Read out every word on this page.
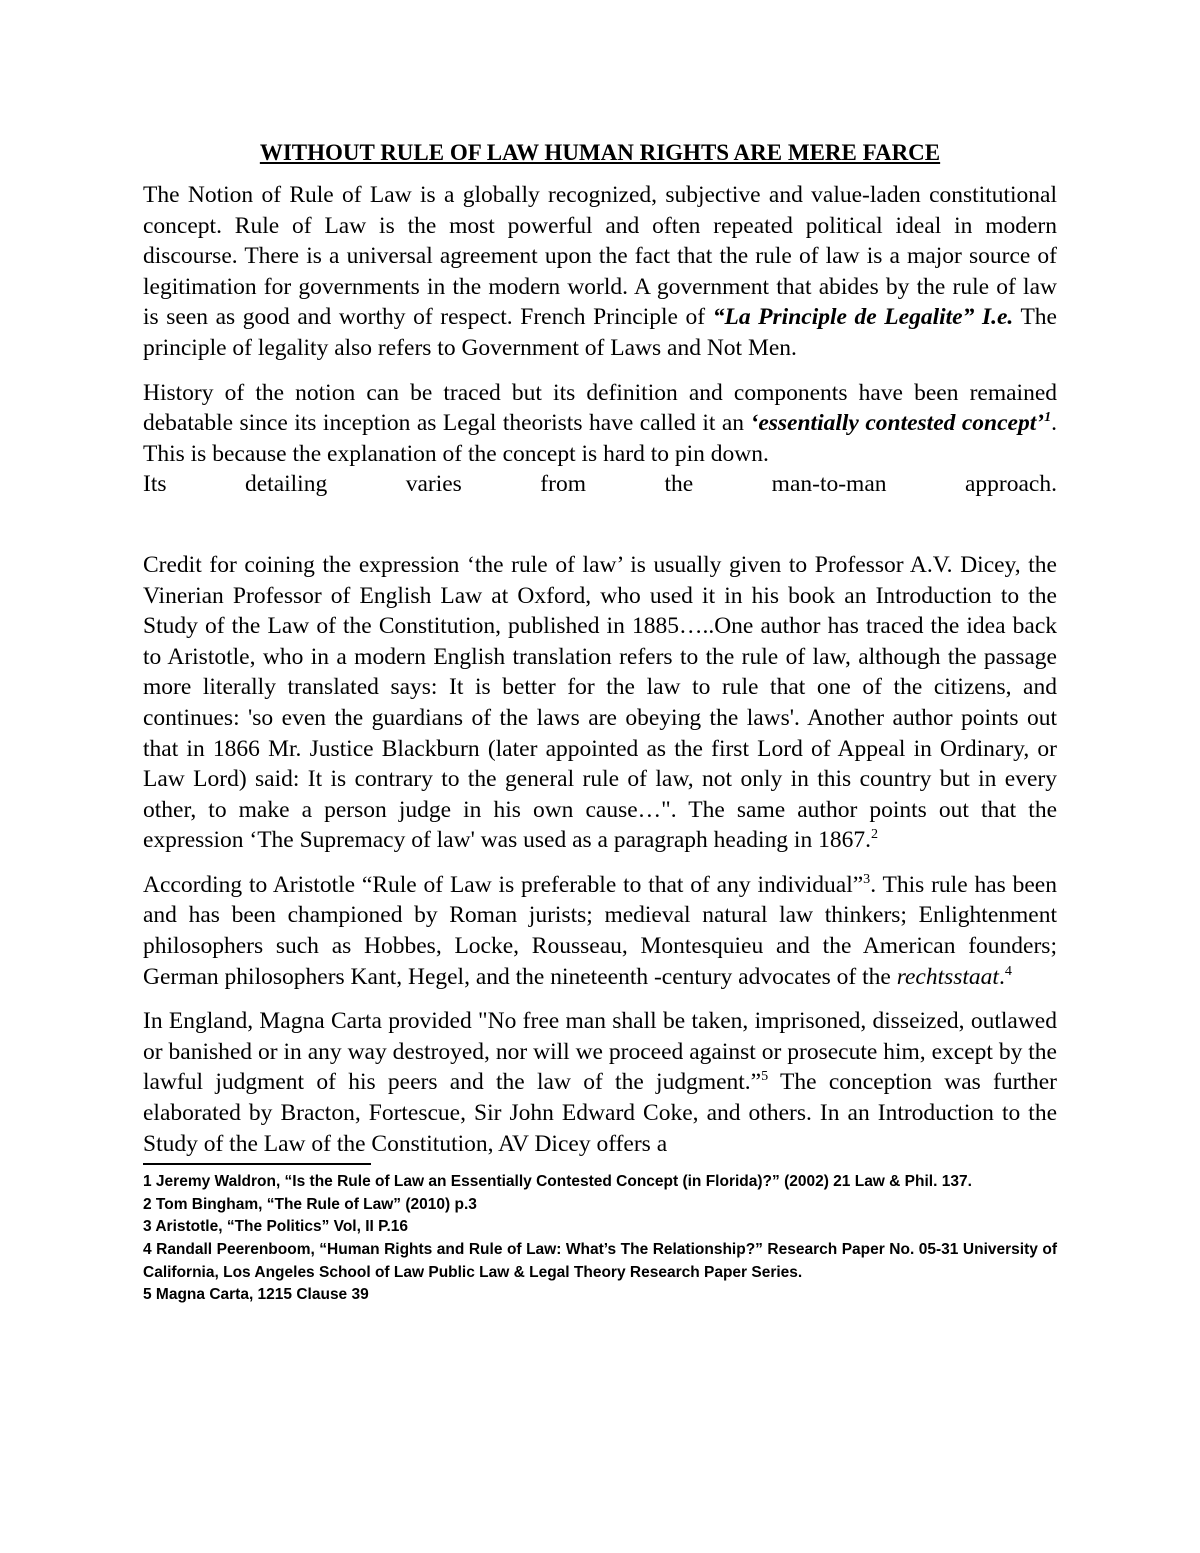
WITHOUT RULE OF LAW HUMAN RIGHTS ARE MERE FARCE

The Notion of Rule of Law is a globally recognized, subjective and value-laden constitutional concept. Rule of Law is the most powerful and often repeated political ideal in modern discourse. There is a universal agreement upon the fact that the rule of law is a major source of legitimation for governments in the modern world. A government that abides by the rule of law is seen as good and worthy of respect. French Principle of “La Principle de Legalite” I.e. The principle of legality also refers to Government of Laws and Not Men.

History of the notion can be traced but its definition and components have been remained debatable since its inception as Legal theorists have called it an ‘essentially contested concept’$^1$. This is because the explanation of the concept is hard to pin down.

Its detailing varies from the man-to-man approach.

Credit for coining the expression ‘the rule of law’ is usually given to Professor A.V. Dicey, the Vinerian Professor of English Law at Oxford, who used it in his book an Introduction to the Study of the Law of the Constitution, published in 1885…..One author has traced the idea back to Aristotle, who in a modern English translation refers to the rule of law, although the passage more literally translated says: It is better for the law to rule that one of the citizens, and continues: 'so even the guardians of the laws are obeying the laws'. Another author points out that in 1866 Mr. Justice Blackburn (later appointed as the first Lord of Appeal in Ordinary, or Law Lord) said: It is contrary to the general rule of law, not only in this country but in every other, to make a person judge in his own cause…". The same author points out that the expression ‘The Supremacy of law' was used as a paragraph heading in 1867.$^2$

According to Aristotle “Rule of Law is preferable to that of any individual”$^3$. This rule has been and has been championed by Roman jurists; medieval natural law thinkers; Enlightenment philosophers such as Hobbes, Locke, Rousseau, Montesquieu and the American founders; German philosophers Kant, Hegel, and the nineteenth -century advocates of the rechtsstaat.$^4$

In England, Magna Carta provided "No free man shall be taken, imprisoned, disseized, outlawed or banished or in any way destroyed, nor will we proceed against or prosecute him, except by the lawful judgment of his peers and the law of the judgment.”$^5$ The conception was further elaborated by Bracton, Fortescue, Sir John Edward Coke, and others. In an Introduction to the Study of the Law of the Constitution, AV Dicey offers a

1 Jeremy Waldron, “Is the Rule of Law an Essentially Contested Concept (in Florida)?” (2002) 21 Law & Phil. 137.

2 Tom Bingham, “The Rule of Law” (2010) p.3

3 Aristotle, “The Politics” Vol, II P.16

4 Randall Peerenboom, “Human Rights and Rule of Law: What’s The Relationship?” Research Paper No. 05-31 University of California, Los Angeles School of Law Public Law & Legal Theory Research Paper Series.

5 Magna Carta, 1215 Clause 39
